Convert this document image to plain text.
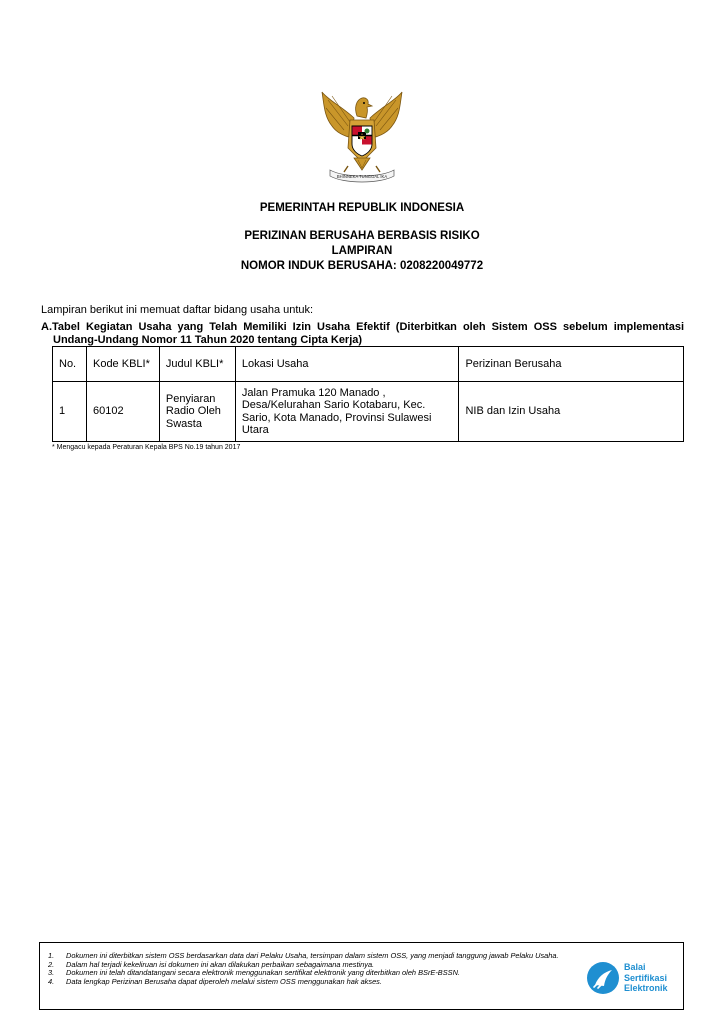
BHINNEKA TUNGGAL IKA
PEMERINTAH REPUBLIK INDONESIA
PERIZINAN BERUSAHA BERBASIS RISIKO
LAMPIRAN
NOMOR INDUK BERUSAHA: 0208220049772
Lampiran berikut ini memuat daftar bidang usaha untuk:
A.Tabel Kegiatan Usaha yang Telah Memiliki Izin Usaha Efektif (Diterbitkan oleh Sistem OSS sebelum implementasi
Undang-Undang Nomor 11 Tahun 2020 tentang Cipta Kerja)
No.	Kode KBLI*	Judul KBLI*	Lokasi Usaha	Perizinan Berusaha
1	60102	Penyiaran Radio Oleh Swasta	Jalan Pramuka 120 Manado , Desa/Kelurahan Sario Kotabaru, Kec. Sario, Kota Manado, Provinsi Sulawesi Utara	NIB dan Izin Usaha
* Mengacu kepada Peraturan Kepala BPS No.19 tahun 2017
1. Dokumen ini diterbitkan sistem OSS berdasarkan data dari Pelaku Usaha, tersimpan dalam sistem OSS, yang menjadi tanggung jawab Pelaku Usaha.
2. Dalam hal terjadi kekeliruan isi dokumen ini akan dilakukan perbaikan sebagaimana mestinya.
3. Dokumen ini telah ditandatangani secara elektronik menggunakan sertifikat elektronik yang diterbitkan oleh BSrE-BSSN.
4. Data lengkap Perizinan Berusaha dapat diperoleh melalui sistem OSS menggunakan hak akses.
Balai
Sertifikasi
Elektronik
